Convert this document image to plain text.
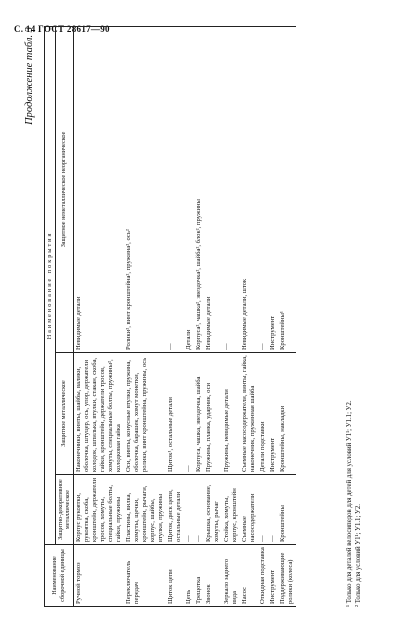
С. 14 ГОСТ 28617—90
Продолжение табл. 3
Наименование сборочной единицы	Наименование покрытия		
	Защитно-декоративное металлическое	Защитное металлическое	Защитное неметаллическое неорганическое
Ручной тормоз	Корпус рукоятки, рукоятка, скоба, кронштейн, держатели тросов, хомуты, специальные болты, гайки, пружины	Наконечники, винты, шайбы, валики, оболочка, штуцер, ось, упор, держатели колодок, шпилька, втулки, стакан, скоба, гайки, кронштейн, держатели тросов, хомуты, специальные болты, пружины², колодковая гайка	Невидимые детали
Переключатель передач	Пластины, вилка, хомуты, щечки, кронштейн, рычаги, корпус, шайбы, втулки, пружины	Оси, винты, конусные втулки, пружина, оболочка, барашек, хомут монетки, ролики, винт кронштейна, пружины, ось	Ролики², винт кронштейна², пружина², ось²
Щиток цепи	Щиток, диск цепи, остальные детали	Щиток¹, остальные детали	—
Цепь	—	—	Детали
Трещотка	—	Корпуса, чашка, звездочка, шайба	Корпуса², чашка², звездочка², шайба², блок², пружины
Звонок	Крышка, основание, хомуты, рычаг	Пружины, планка, ударник, оси	Невидимые детали
Зеркало заднего вида	Стойка, хомуты, корпус, кронштейн	Пружины, невидимые детали	—
Насос	Съемные насосодержатели	Съемные насосодержатели, винты, гайка, наконечник, пружинная шайба	Невидимые детали, шток
Откидная подставка	—	Детали подставки	—
Инструмент	—	Инструмент	Инструмент
Поддерживающие ролики (колеса)	Кронштейны	Кронштейны, накладки	Кронштейны¹
¹ Только для деталей велосипедов для детей для условий У1¹; У1.1; У2. ² Только для условий У1¹; У1.1; У2.
